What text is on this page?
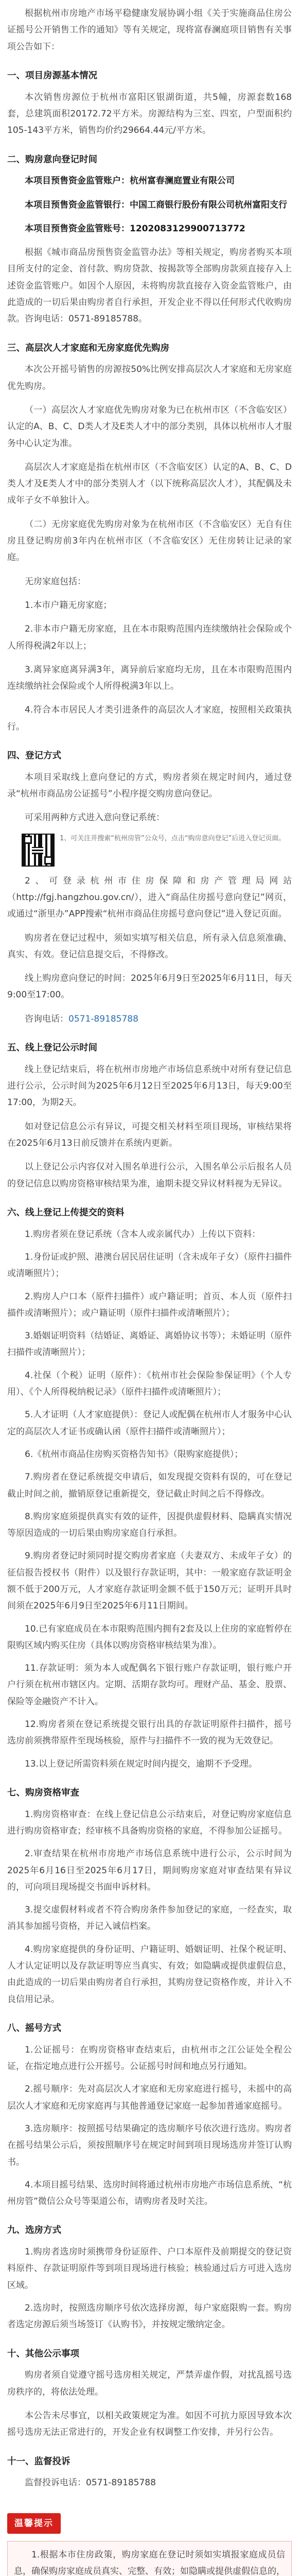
根据杭州市房地产市场平稳健康发展协调小组《关于实施商品住房公证摇号公开销售工作的通知》等有关规定，现将富春澜庭项目销售有关事项公告如下：

一、项目房源基本情况

本次销售房源位于杭州市富阳区银湖街道，共5幢，房源套数168套，总建筑面积20172.72平方米。房源结构为三室、四室，户型面积约105-143平方米，销售均价约29664.44元/平方米。

二、购房意向登记时间

本项目预售资金监管账户：杭州富春澜庭置业有限公司

本项目预售资金监管银行：中国工商银行股份有限公司杭州富阳支行

本项目预售资金监管账号：1202083129900713772

根据《城市商品房预售资金监管办法》等相关规定，购房者购买本项目所支付的定金、首付款、购房贷款、按揭款等全部购房款须直接存入上述资金监管账户。如因个人原因，未将购房款直接存入资金监管账户，由此造成的一切后果由购房者自行承担，开发企业不得以任何形式代收购房款。咨询电话：0571-89185788。

三、高层次人才家庭和无房家庭优先购房

本次公开摇号销售的房源按50%比例安排高层次人才家庭和无房家庭优先购房。

（一）高层次人才家庭优先购房对象为已在杭州市区（不含临安区）认定的A、B、C、D类人才及E类人才中的部分类别，具体以杭州市人才服务中心认定为准。

高层次人才家庭是指在杭州市区（不含临安区）认定的A、B、C、D类人才及E类人才中的部分类别人才（以下统称高层次人才），其配偶及未成年子女不单独计入。

（二）无房家庭优先购房对象为在杭州市区（不含临安区）无自有住房且登记购房前3年内在杭州市区（不含临安区）无住房转让记录的家庭。

无房家庭包括：

1.本市户籍无房家庭；

2.非本市户籍无房家庭，且在本市限购范围内连续缴纳社会保险或个人所得税满2年以上；

3.离异家庭离异满3年，离异前后家庭均无房，且在本市限购范围内连续缴纳社会保险或个人所得税满3年以上。

4.符合本市居民人才类引进条件的高层次人才家庭，按照相关政策执行。

四、登记方式

本项目采取线上意向登记的方式，购房者须在规定时间内，通过登录“杭州市商品房公证摇号”小程序提交购房意向登记。

可采用两种方式进入意向登记系统：

1、可关注并搜索“杭州房管”公众号，点击“购房意向登记”后进入登记页面。

2、可登录杭州市住房保障和房产管理局网站（http://fgj.hangzhou.gov.cn/），进入“商品住房摇号意向登记”网页，或通过“浙里办”APP搜索“杭州市商品住房摇号意向登记”进入登记页面。

购房者在登记过程中，须如实填写相关信息，所有录入信息须准确、真实、有效。登记信息提交后，不得修改。

线上购房意向登记的时间：2025年6月9日至2025年6月11日，每天9:00至17:00。

咨询电话：0571-89185788

五、线上登记公示时间

线上登记结束后，将在杭州市房地产市场信息系统中对所有登记信息进行公示，公示时间为2025年6月12日至2025年6月13日，每天9:00至17:00，为期2天。

如对登记信息公示有异议，可提交相关材料至项目现场，审核结果将在2025年6月13日前反馈并在系统内更新。

以上登记公示内容仅对入围名单进行公示，入围名单公示后报名人员的登记信息以购房资格审核结果为准，逾期未提交异议材料视为无异议。

六、线上登记上传提交的资料

1.购房者须在登记系统（含本人或亲属代办）上传以下资料：

1.身份证或护照、港澳台居民居住证明（含未成年子女）（原件扫描件或清晰照片）；

2.购房人户口本（原件扫描件）或户籍证明；首页、本人页（原件扫描件或清晰照片）；或户籍证明（原件扫描件或清晰照片）；

3.婚姻证明资料（结婚证、离婚证、离婚协议书等）；未婚证明（原件扫描件或清晰照片）；

4.社保（个税）证明（原件）：《杭州市社会保险参保证明》（个人专用）、《个人所得税纳税记录》（原件扫描件或清晰照片）；

5.人才证明（人才家庭提供）：登记人或配偶在杭州市人才服务中心认定的高层次人才证书或确认函（原件扫描件或清晰照片）；

6.《杭州市商品住房购买资格告知书》（限购家庭提供）；

7.购房者在登记系统提交申请后，如发现提交资料有误的，可在登记截止时间之前，撤销原登记重新提交，登记截止时间之后不得修改。

8.购房家庭须提供真实有效的证件，因提供虚假材料、隐瞒真实情况等原因造成的一切后果由购房家庭自行承担。

9.购房者登记时须同时提交购房者家庭（夫妻双方、未成年子女）的征信报告授权书（附件）以及银行存款证明，其中：一般家庭存款证明金额不低于200万元，人才家庭存款证明金额不低于150万元；证明开具时间须在2025年6月9日至2025年6月11日期间。

10.已有家庭成员在本市限购范围内拥有2套及以上住房的家庭暂停在限购区域内购买住房（具体以购房资格审核结果为准）。

11.存款证明：须为本人或配偶名下银行账户存款证明，银行账户开户行须在杭州市辖区内。定期、活期存款均可。理财产品、基金、股票、保险等金融资产不计入。

12.购房者须在登记系统提交银行出具的存款证明原件扫描件，摇号选房前须携带原件至现场核验，原件与扫描件不一致的视为无效登记。

13.以上登记所需资料须在规定时间内提交，逾期不予受理。

七、购房资格审查

1.购房资格审查：在线上登记信息公示结束后，对登记购房家庭信息进行购房资格审查；经审核不具备购房资格的家庭，不得参加公证摇号。

2.审查结果在杭州市房地产市场信息系统中进行公示，公示时间为2025年6月16日至2025年6月17日，期间购房家庭对审查结果有异议的，可向项目现场提交书面申诉材料。

3.提交虚假材料或者不符合购房条件参加登记的家庭，一经查实，取消其参加摇号资格，并记入诚信档案。

4.购房家庭提供的身份证明、户籍证明、婚姻证明、社保个税证明、人才认定证明以及存款证明等应当真实、有效；如隐瞒或提供虚假信息，由此造成的一切后果由购房者自行承担，其购房登记资格作废，并计入不良信用记录。

八、摇号方式

1.公证摇号：在购房资格审查结束后，由杭州市之江公证处全程公证，在指定地点进行公开摇号。公证摇号时间和地点另行通知。

2.摇号顺序：先对高层次人才家庭和无房家庭进行摇号，未摇中的高层次人才家庭和无房家庭再与其他普通登记家庭一起参加普通家庭摇号。

3.选房顺序：按照摇号结果确定的选房顺序号依次进行选房。购房者在摇号结果公示后，须按照顺序号在规定时间到项目现场选房并签订认购书。

4.本项目摇号结果、选房时间将通过杭州市房地产市场信息系统、“杭州房管”微信公众号等渠道公布，请购房者及时关注。

九、选房方式

1.购房者选房时须携带身份证原件、户口本原件及前期提交的登记资料原件、存款证明原件等到项目现场进行核验；核验通过后方可进入选房区域。

2.选房时，按照选房顺序号依次选择房源，每户家庭限购一套。购房者选定房源后须当场签订《认购书》，并按规定缴纳定金。

十、其他公示事项

购房者须自觉遵守摇号选房相关规定，严禁弄虚作假，对扰乱摇号选房秩序的，将依法处理。

本公告未尽事宜，以相关政策规定为准。如因不可抗力原因导致本次摇号选房无法正常进行的，开发企业有权调整工作安排，并另行公告。

十一、监督投诉

监督投诉电话：0571-89185788

温馨提示

1.根据本市住房政策，购房家庭在登记时须如实填报家庭成员信息，确保购房家庭成员真实、完整、有效；如隐瞒或提供虚假信息的，
